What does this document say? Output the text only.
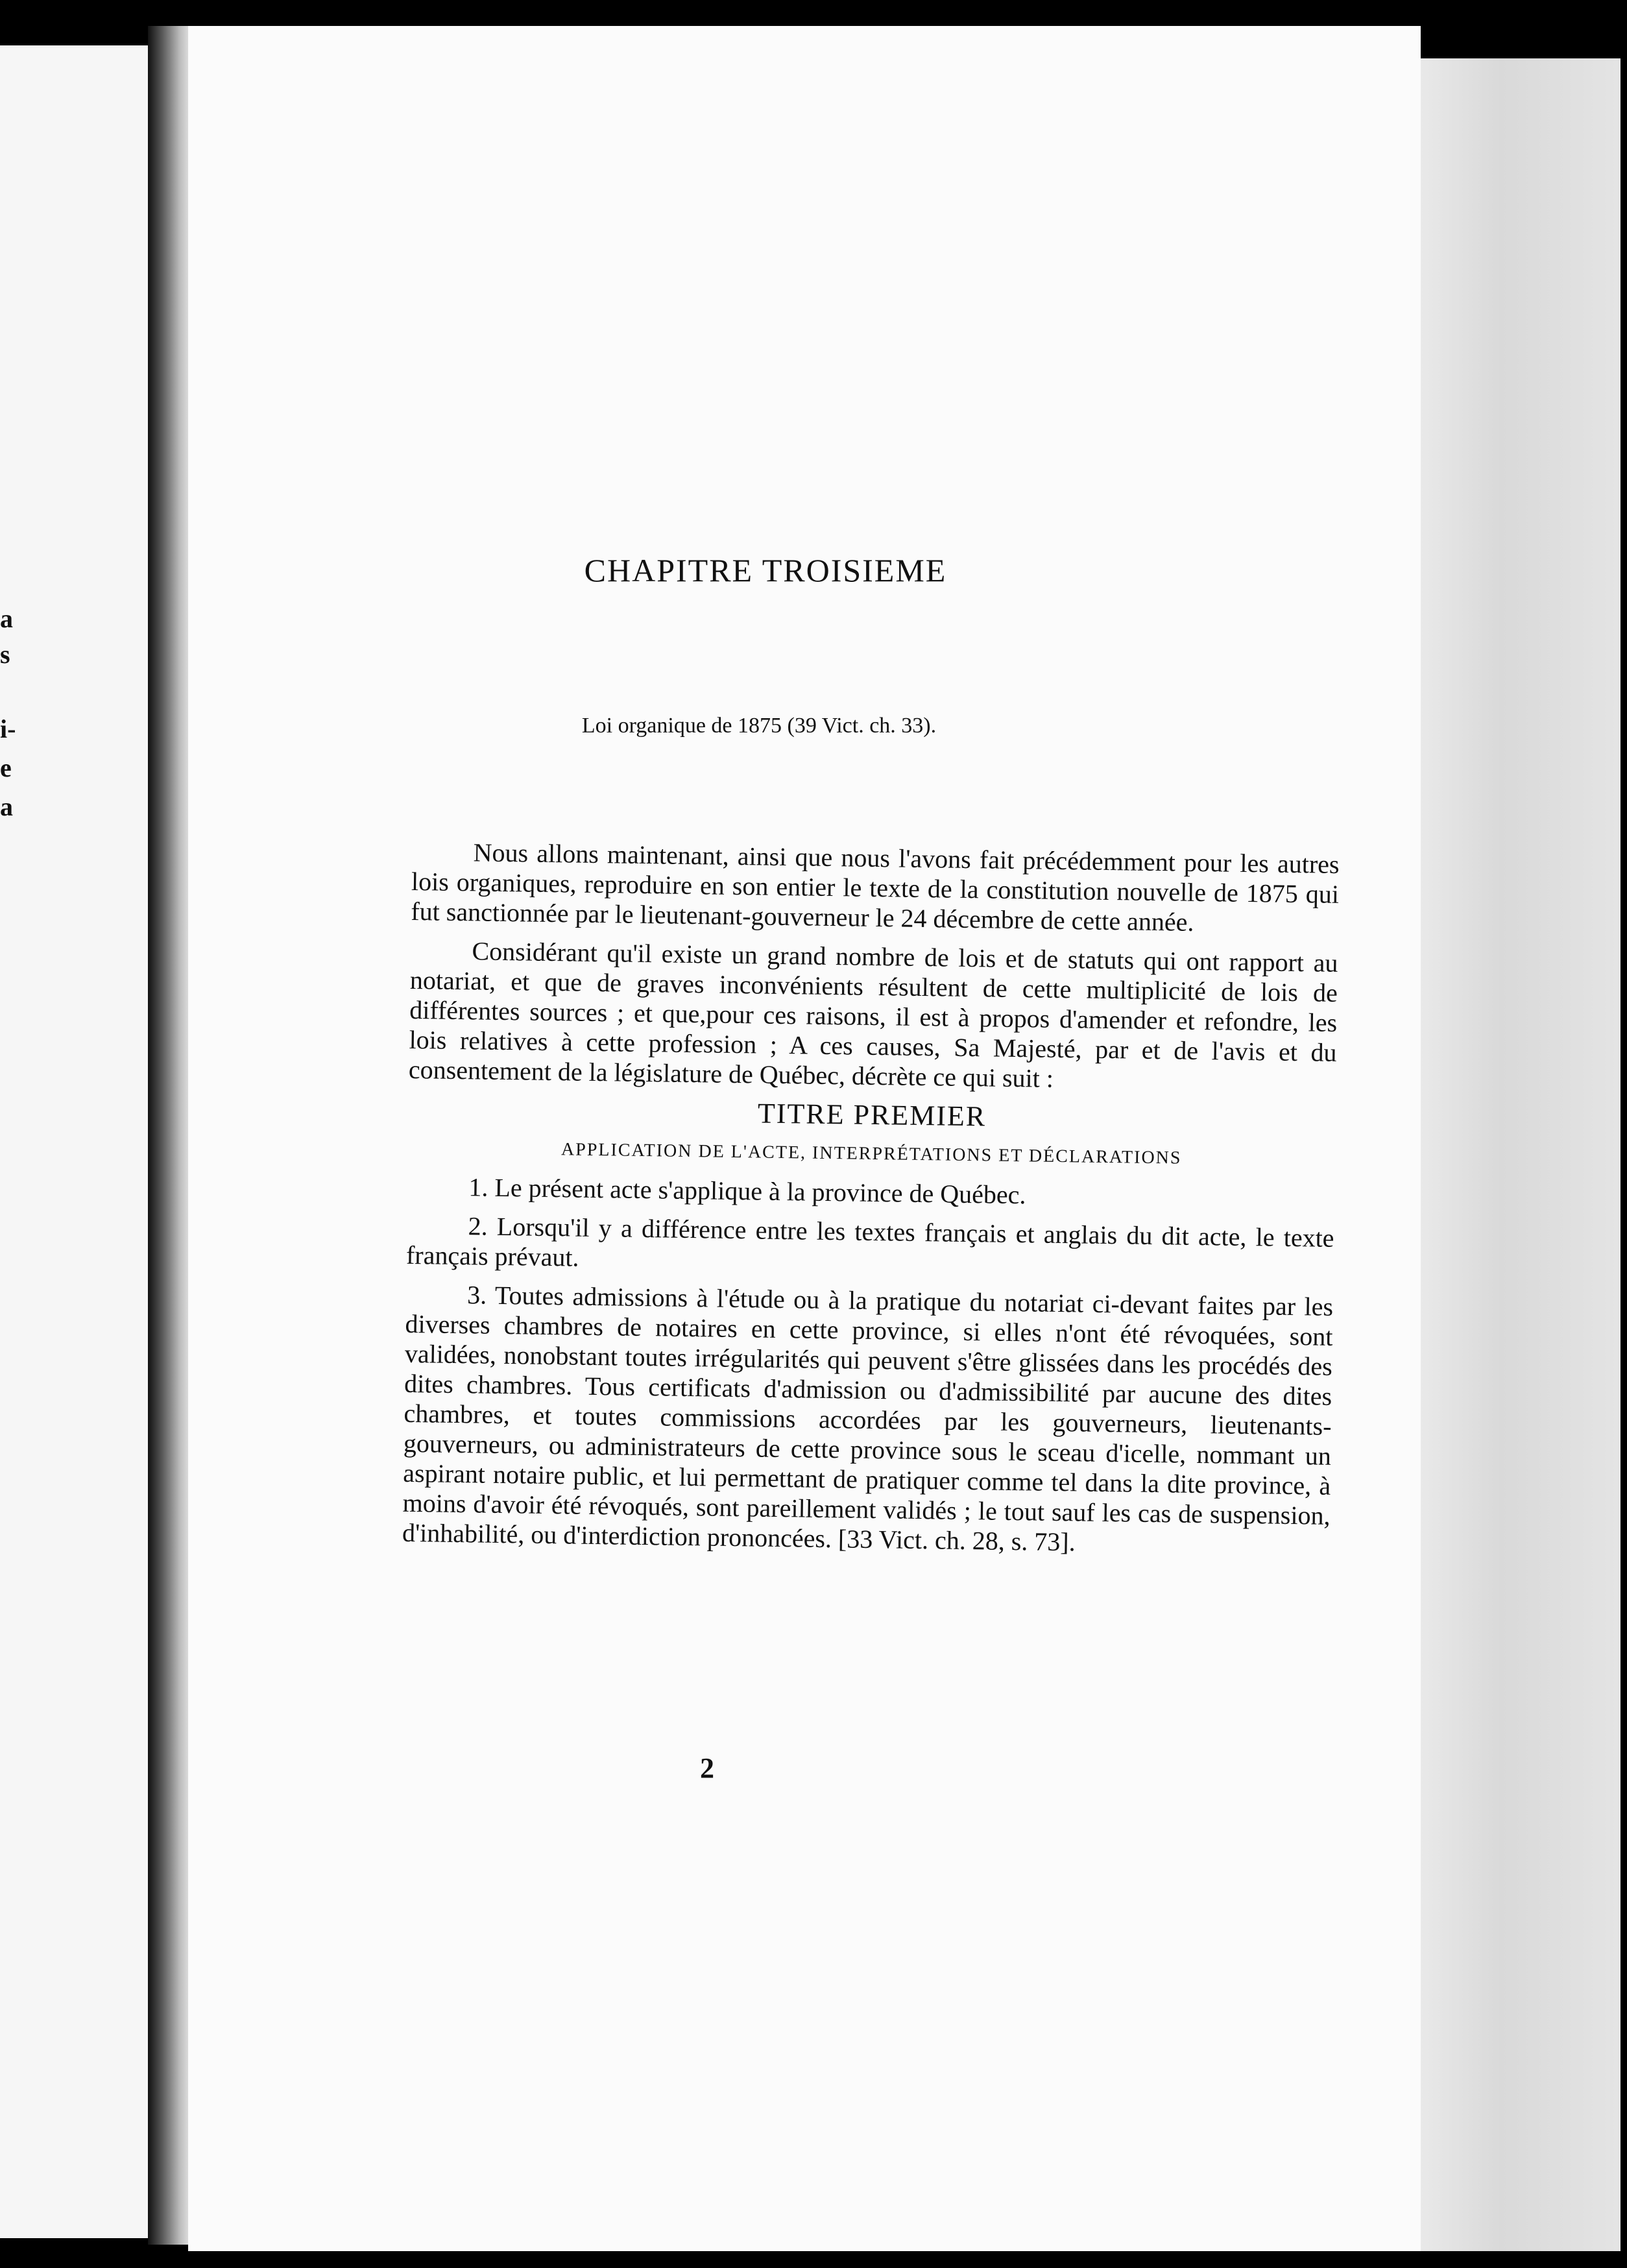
a
s
i-
e
a
CHAPITRE TROISIEME
Loi organique de 1875 (39 Vict. ch. 33).

Nous allons maintenant, ainsi que nous l'avons fait précédemment pour les autres lois organiques, reproduire en son entier le texte de la constitution nouvelle de 1875 qui fut sanctionnée par le lieutenant-gouverneur le 24 décembre de cette année.

Considérant qu'il existe un grand nombre de lois et de statuts qui ont rapport au notariat, et que de graves inconvénients résultent de cette multiplicité de lois de différentes sources ; et que,pour ces raisons, il est à propos d'amender et refondre, les lois relatives à cette profession ; A ces causes, Sa Majesté, par et de l'avis et du consentement de la législature de Québec, décrète ce qui suit :

TITRE PREMIER

APPLICATION DE L'ACTE, INTERPRÉTATIONS ET DÉCLARATIONS

1. Le présent acte s'applique à la province de Québec.

2. Lorsqu'il y a différence entre les textes français et anglais du dit acte, le texte français prévaut.

3. Toutes admissions à l'étude ou à la pratique du notariat ci-devant faites par les diverses chambres de notaires en cette province, si elles n'ont été révoquées, sont validées, nonobstant toutes irrégularités qui peuvent s'être glissées dans les procédés des dites chambres. Tous certificats d'admission ou d'admissibilité par aucune des dites chambres, et toutes commissions accordées par les gouverneurs, lieutenants-gouverneurs, ou administrateurs de cette province sous le sceau d'icelle, nommant un aspirant notaire public, et lui permettant de pratiquer comme tel dans la dite province, à moins d'avoir été révoqués, sont pareillement validés ; le tout sauf les cas de suspension, d'inhabilité, ou d'interdiction prononcées. [33 Vict. ch. 28, s. 73].

2
